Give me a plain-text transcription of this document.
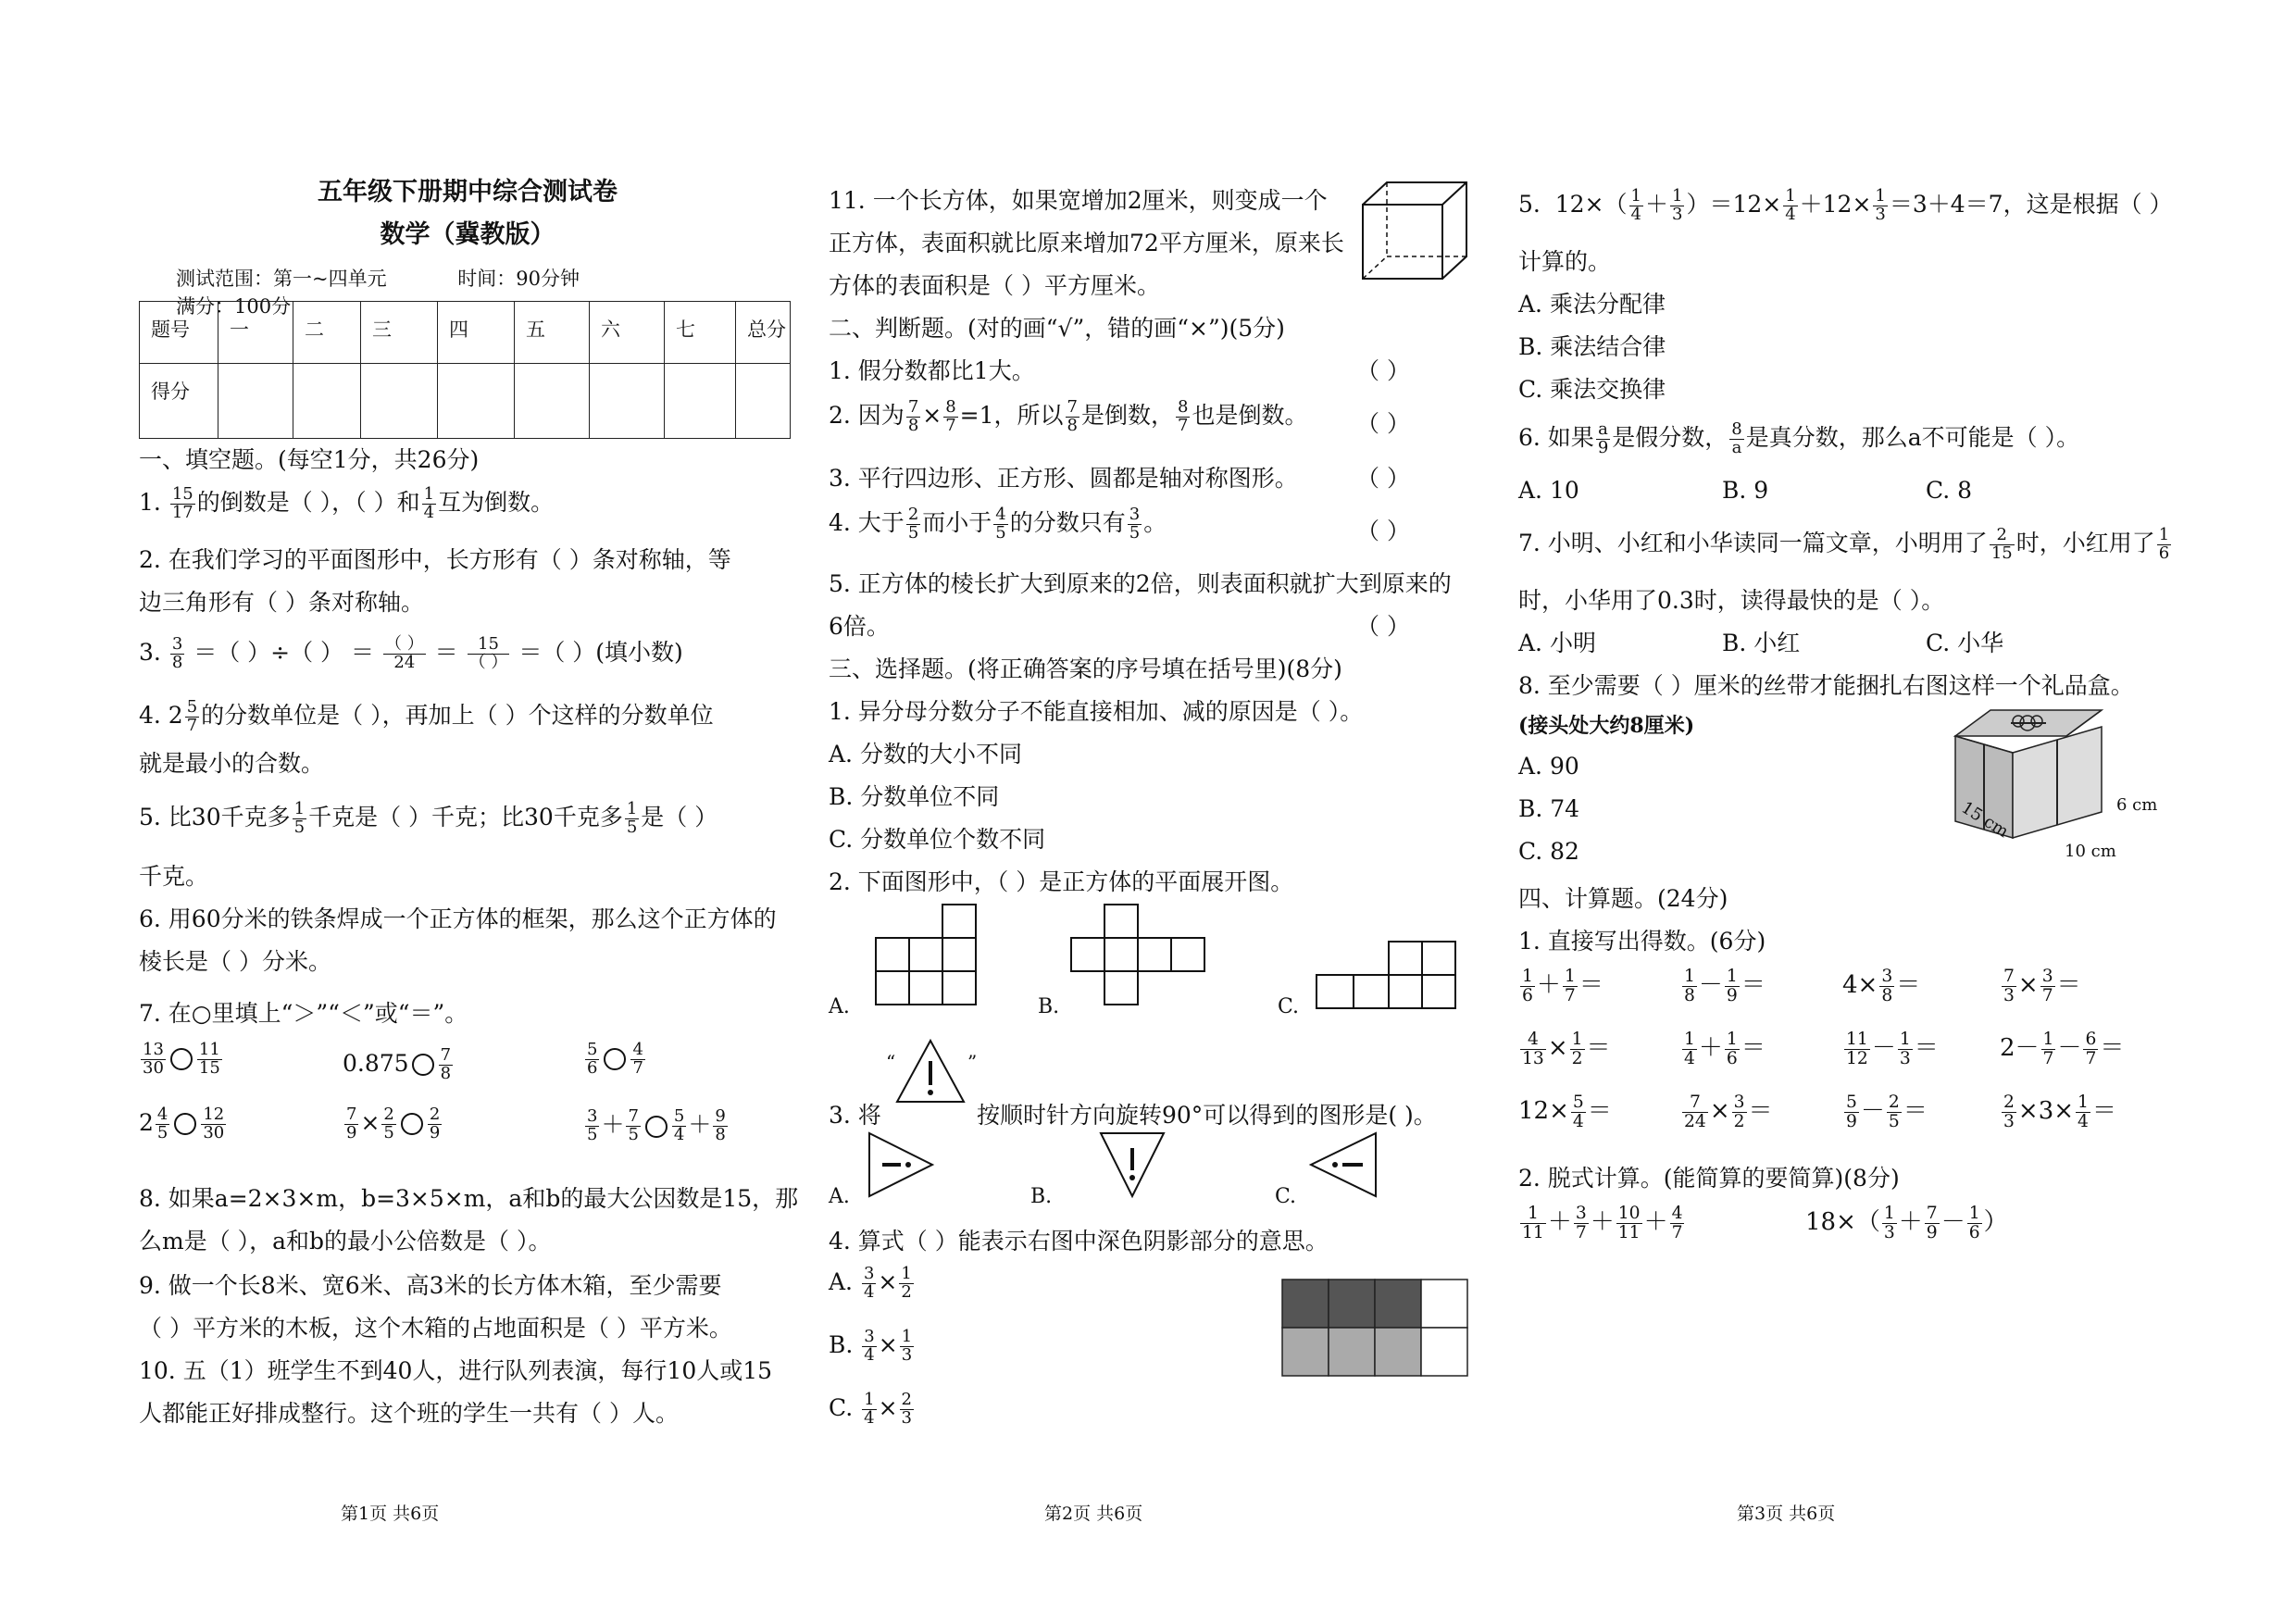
五年级下册期中综合测试卷
数学（冀教版）
测试范围：第一~四单元	时间：90分钟 满分：100分
题号	一	二	三	四	五	六	七	总分
得分								
一、填空题。(每空1分，共26分)
1. $\frac{15}{17}$ 的倒数是（ ），（ ）和 $\frac{1}{4}$ 互为倒数。
2. 在我们学习的平面图形中，长方形有（ ）条对称轴，等
边三角形有（ ）条对称轴。
3. $\frac{3}{8}$ ＝（ ）÷（ ） ＝ （ ）
24 ＝	15
（ ） ＝（ ）(填小数)
4. $2 \frac{5}{7}$ 的分数单位是（ ），再加上（ ）个这样的分数单位
就是最小的合数。
5. 比30千克多 $\frac{1}{5}$ 千克是（ ）千克；比30千克多 $\frac{1}{5}$ 是（ ）
千克。
6. 用60分米的铁条焊成一个正方体的框架，那么这个正方体的
棱长是（ ）分米。
7. 在○里填上“＞”“＜”或“＝”。
$\frac{13}{30} \frac{11}{15}$	$0.875 \frac{7}{8}$	$\frac{5}{6} \frac{4}{7}$
$2 \frac{4}{5} \frac{12}{30}$	$\frac{7}{9} \times \frac{2}{5} \frac{2}{9}$	$\frac{3}{5} + \frac{7}{5} \frac{5}{4} + \frac{9}{8}$
8. 如果a=2×3×m，b=3×5×m，a和b的最大公因数是15，那
么m是（ ），a和b的最小公倍数是（ ）。
9. 做一个长8米、宽6米、高3米的长方体木箱，至少需要
（ ）平方米的木板，这个木箱的占地面积是（ ）平方米。
10. 五（1）班学生不到40人，进行队列表演，每行10人或15
人都能正好排成整行。这个班的学生一共有（ ）人。
11. 一个长方体，如果宽增加2厘米，则变成一个
正方体，表面积就比原来增加72平方厘米，原来长
方体的表面积是（ ）平方厘米。
二、判断题。(对的画“√”，错的画“×”)(5分)
1. 假分数都比1大。	（ ）
2. 因为 $\frac{7}{8} \times \frac{8}{7} =1$，所以 $\frac{7}{8}$ 是倒数， $\frac{8}{7}$ 也是倒数。 （ ）
3. 平行四边形、正方形、圆都是轴对称图形。	（ ）
4. 大于 $\frac{2}{5}$ 而小于 $\frac{4}{5}$ 的分数只有 $\frac{3}{5}$ 。	（ ）
5. 正方体的棱长扩大到原来的2倍，则表面积就扩大到原来的
6倍。	（ ）
三、选择题。(将正确答案的序号填在括号里)(8分)
1. 异分母分数分子不能直接相加、减的原因是（ ）。
A. 分数的大小不同
B. 分数单位不同
C. 分数单位个数不同
2. 下面图形中，（ ）是正方体的平面展开图。
A.	B.	C.
3. 将
“	”
按顺时针方向旋转90°可以得到的图形是( )。
A.	B.	C.
4. 算式（ ）能表示右图中深色阴影部分的意思。
A. $\frac{3}{4} \times \frac{1}{2}$
B. $\frac{3}{4} \times \frac{1}{3}$
C. $\frac{1}{4} \times \frac{2}{3}$
5.  $12\times( \frac{1}{4} + \frac{1}{3} )=12\times \frac{1}{4} +12\times \frac{1}{3} =3+4=7$，这是根据（ ）
计算的。
A. 乘法分配律
B. 乘法结合律
C. 乘法交换律
6. 如果 $\frac{a}{9}$ 是假分数， $\frac{8}{a}$ 是真分数，那么a不可能是（ ）。
A. 10	B. 9	C. 8
7. 小明、小红和小华读同一篇文章，小明用了 $\frac{2}{15}$ 时，小红用了 $\frac{1}{6}$
时，小华用了0.3时，读得最快的是（ ）。
A. 小明	B. 小红	C. 小华
8. 至少需要（ ）厘米的丝带才能捆扎右图这样一个礼品盒。
(接头处大约8厘米)
A. 90
B. 74
C. 82
15 cm
10 cm
6 cm
四、计算题。(24分)
1. 直接写出得数。(6分)
$\frac{1}{6} + \frac{1}{7}$ ＝	$\frac{1}{8} - \frac{1}{9}$ ＝	$4\times \frac{3}{8}$ ＝	$\frac{7}{3} \times \frac{3}{7}$ ＝
$\frac{4}{13} \times \frac{1}{2}$ ＝	$\frac{1}{4} + \frac{1}{6}$ ＝	$\frac{11}{12} - \frac{1}{3}$ ＝	$2- \frac{1}{7} - \frac{6}{7}$ ＝
$12\times \frac{5}{4}$ ＝	$\frac{7}{24} \times \frac{3}{2}$ ＝	$\frac{5}{9} - \frac{2}{5}$ ＝	$\frac{2}{3} \times 3\times \frac{1}{4}$ ＝
2. 脱式计算。(能简算的要简算)(8分)
$\frac{1}{11} + \frac{3}{7} + \frac{10}{11} + \frac{4}{7}$	$18\times( \frac{1}{3} + \frac{7}{9} - \frac{1}{6}$ ）
第1页 共6页	第2页 共6页	第3页 共6页
